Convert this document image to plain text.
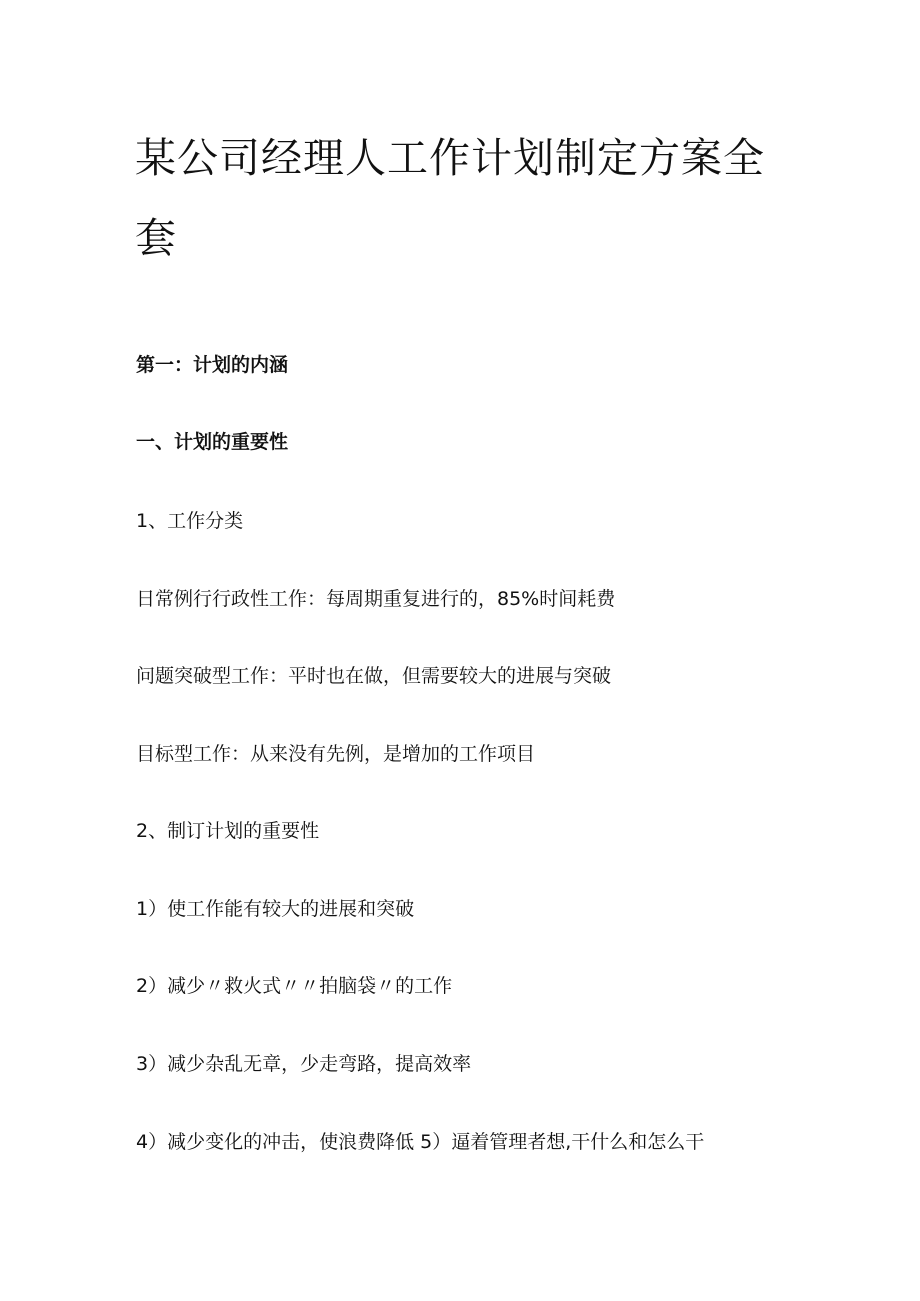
某公司经理人工作计划制定方案全套
第一：计划的内涵
一、计划的重要性
1、工作分类
日常例行行政性工作：每周期重复进行的，85%时间耗费
问题突破型工作：平时也在做，但需要较大的进展与突破
目标型工作：从来没有先例，是增加的工作项目
2、制订计划的重要性
1）使工作能有较大的进展和突破
2）减少〃救火式〃〃拍脑袋〃的工作
3）减少杂乱无章，少走弯路，提高效率
4）减少变化的冲击，使浪费降低 5）逼着管理者想,干什么和怎么干
